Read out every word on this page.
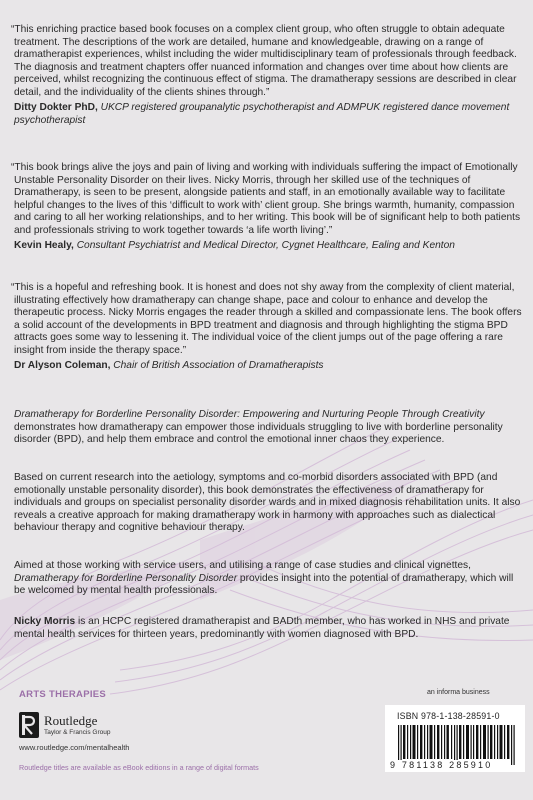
“This enriching practice based book focuses on a complex client group, who often struggle to obtain adequate treatment. The descriptions of the work are detailed, humane and knowledgeable, drawing on a range of dramatherapist experiences, whilst including the wider multidisciplinary team of professionals through feedback. The diagnosis and treatment chapters offer nuanced information and changes over time about how clients are perceived, whilst recognizing the continuous effect of stigma. The dramatherapy sessions are described in clear detail, and the individuality of the clients shines through.”
Ditty Dokter PhD, UKCP registered groupanalytic psychotherapist and ADMPUK registered dance movement psychotherapist
“This book brings alive the joys and pain of living and working with individuals suffering the impact of Emotionally Unstable Personality Disorder on their lives. Nicky Morris, through her skilled use of the techniques of Dramatherapy, is seen to be present, alongside patients and staff, in an emotionally available way to facilitate helpful changes to the lives of this ‘difficult to work with’ client group. She brings warmth, humanity, compassion and caring to all her working relationships, and to her writing. This book will be of significant help to both patients and professionals striving to work together towards ‘a life worth living’.”
Kevin Healy, Consultant Psychiatrist and Medical Director, Cygnet Healthcare, Ealing and Kenton
“This is a hopeful and refreshing book. It is honest and does not shy away from the complexity of client material, illustrating effectively how dramatherapy can change shape, pace and colour to enhance and develop the therapeutic process. Nicky Morris engages the reader through a skilled and compassionate lens. The book offers a solid account of the developments in BPD treatment and diagnosis and through highlighting the stigma BPD attracts goes some way to lessening it. The individual voice of the client jumps out of the page offering a rare insight from inside the therapy space.”
Dr Alyson Coleman, Chair of British Association of Dramatherapists
Dramatherapy for Borderline Personality Disorder: Empowering and Nurturing People Through Creativity demonstrates how dramatherapy can empower those individuals struggling to live with borderline personality disorder (BPD), and help them embrace and control the emotional inner chaos they experience.
Based on current research into the aetiology, symptoms and co-morbid disorders associated with BPD (and emotionally unstable personality disorder), this book demonstrates the effectiveness of dramatherapy for individuals and groups on specialist personality disorder wards and in mixed diagnosis rehabilitation units. It also reveals a creative approach for making dramatherapy work in harmony with approaches such as dialectical behaviour therapy and cognitive behaviour therapy.
Aimed at those working with service users, and utilising a range of case studies and clinical vignettes, Dramatherapy for Borderline Personality Disorder provides insight into the potential of dramatherapy, which will be welcomed by mental health professionals.
Nicky Morris is an HCPC registered dramatherapist and BADth member, who has worked in NHS and private mental health services for thirteen years, predominantly with women diagnosed with BPD.
ARTS THERAPIES
Routledge
Taylor & Francis Group
www.routledge.com/mentalhealth
Routledge titles are available as eBook editions in a range of digital formats
an informa business
ISBN 978-1-138-28591-0
9 781138 285910
